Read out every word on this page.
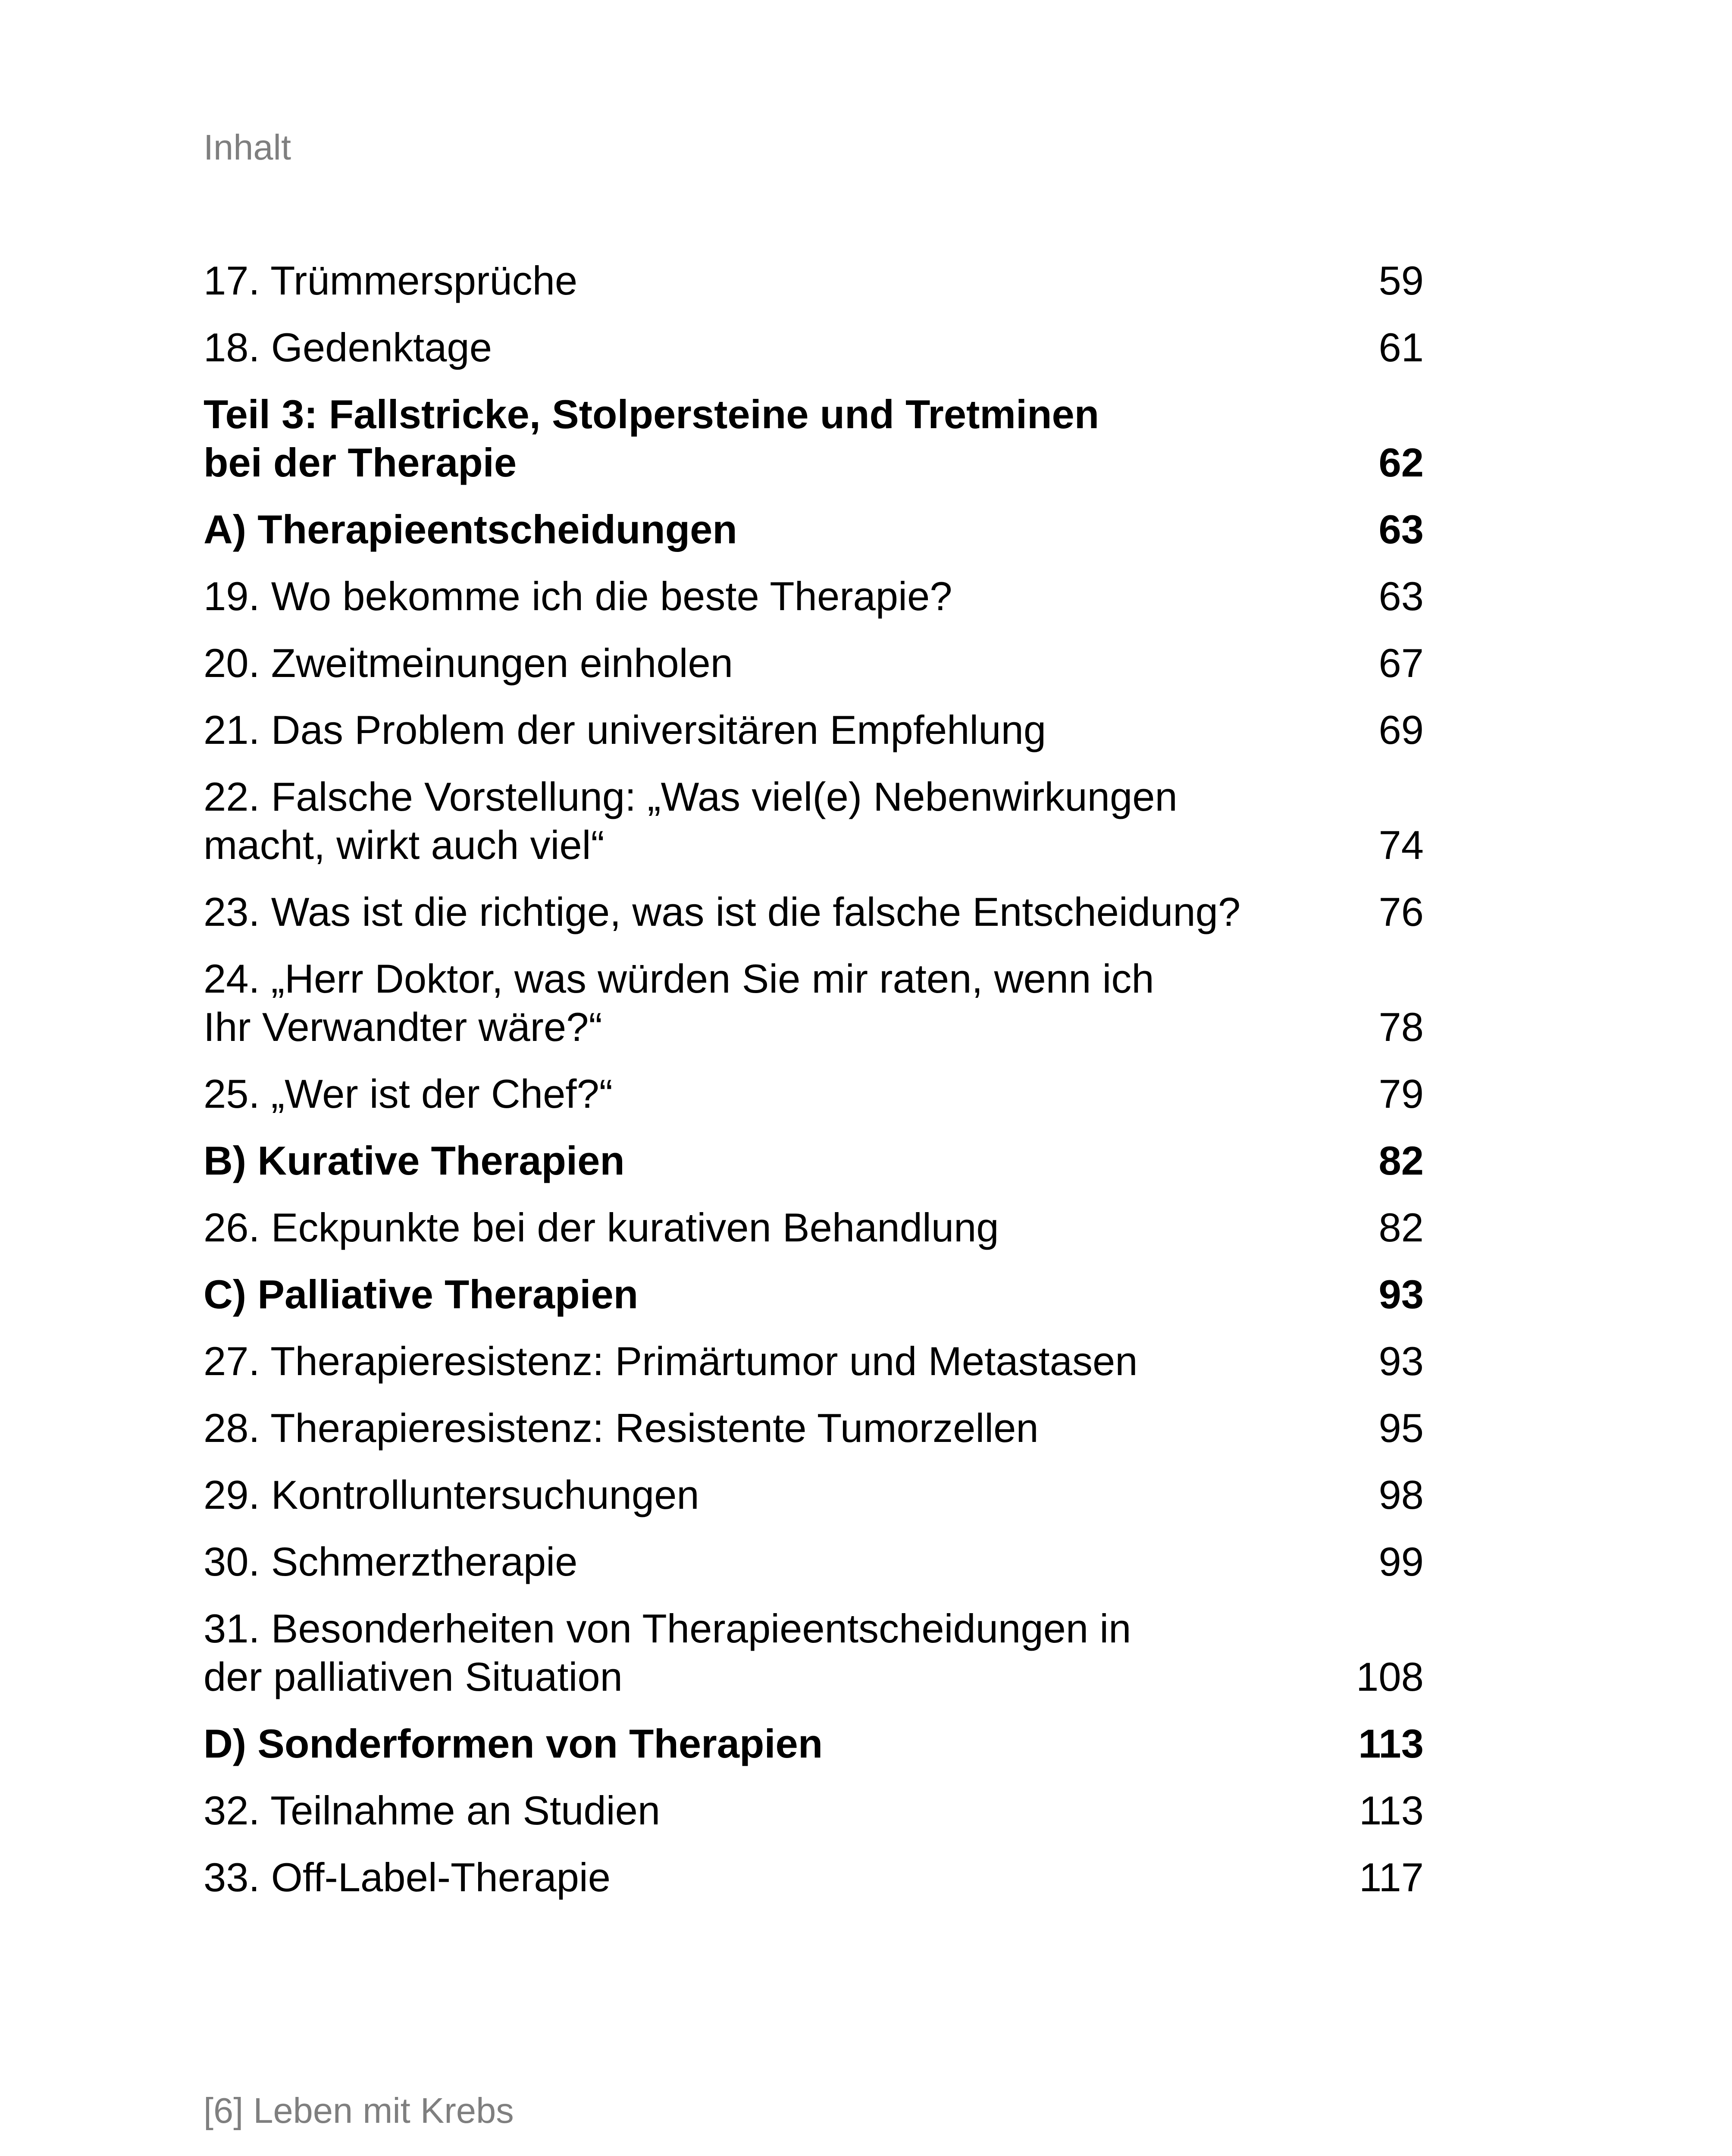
Inhalt
17. Trümmersprüche	59
18. Gedenktage	61
Teil 3: Fallstricke, Stolpersteine und Tretminen
bei der Therapie	62
A) Therapieentscheidungen	63
19. Wo bekomme ich die beste Therapie?	63
20. Zweitmeinungen einholen	67
21. Das Problem der universitären Empfehlung	69
22. Falsche Vorstellung: „Was viel(e) Nebenwirkungen
macht, wirkt auch viel“	74
23. Was ist die richtige, was ist die falsche Entscheidung?	76
24. „Herr Doktor, was würden Sie mir raten, wenn ich
Ihr Verwandter wäre?“	78
25. „Wer ist der Chef?“	79
B) Kurative Therapien	82
26. Eckpunkte bei der kurativen Behandlung	82
C) Palliative Therapien	93
27. Therapieresistenz: Primärtumor und Metastasen	93
28. Therapieresistenz: Resistente Tumorzellen	95
29. Kontrolluntersuchungen	98
30. Schmerztherapie	99
31. Besonderheiten von Therapieentscheidungen in
der palliativen Situation	108
D) Sonderformen von Therapien	113
32. Teilnahme an Studien	113
33. Off-Label-Therapie	117
[6] Leben mit Krebs
